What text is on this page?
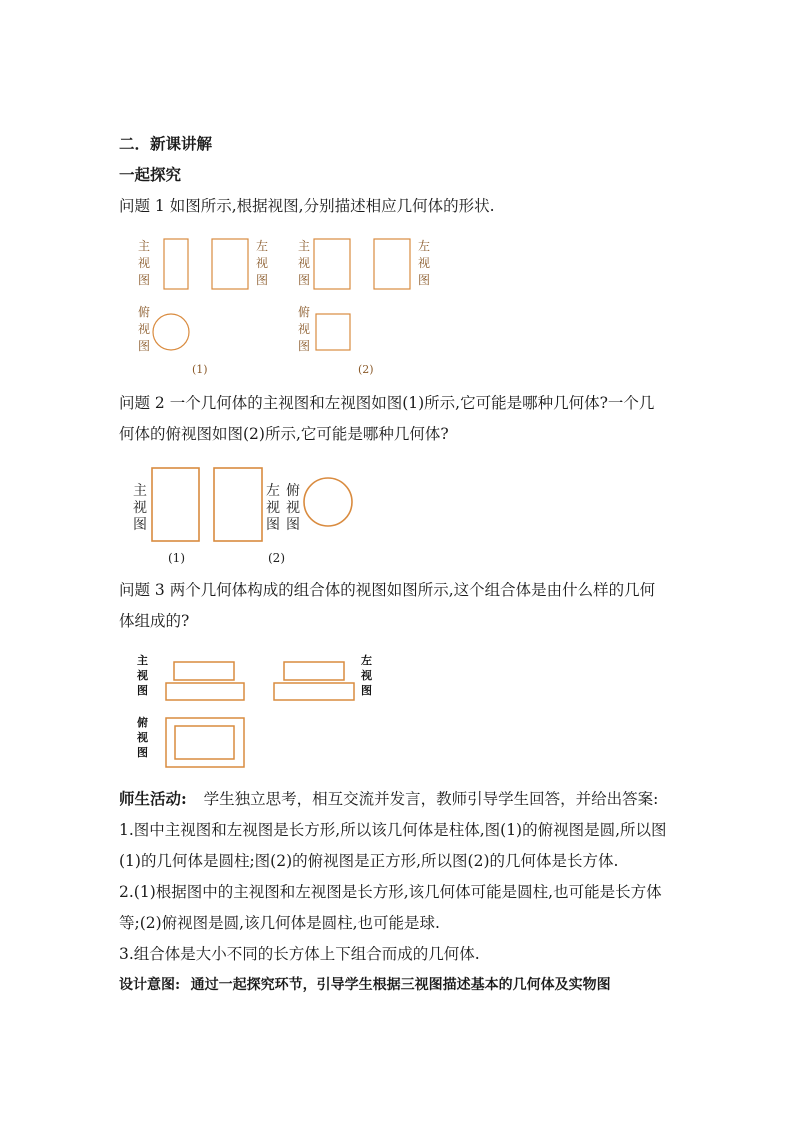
二．新课讲解
一起探究
问题 1 如图所示,根据视图,分别描述相应几何体的形状.
主
视
图
左
视
图
俯
视
图
主
视
图
左
视
图
俯
视
图
(1)	(2)
问题 2 一个几何体的主视图和左视图如图(1)所示,它可能是哪种几何体?一个几
何体的俯视图如图(2)所示,它可能是哪种几何体?
主
视
图
左
视
图
俯
视
图
(1)	(2)
问题 3 两个几何体构成的组合体的视图如图所示,这个组合体是由什么样的几何
体组成的?
主
视
图
左
视
图
俯
视
图
师生活动: 学生独立思考，相互交流并发言，教师引导学生回答，并给出答案:
1.图中主视图和左视图是长方形,所以该几何体是柱体,图(1)的俯视图是圆,所以图
(1)的几何体是圆柱;图(2)的俯视图是正方形,所以图(2)的几何体是长方体.
2.(1)根据图中的主视图和左视图是长方形,该几何体可能是圆柱,也可能是长方体
等;(2)俯视图是圆,该几何体是圆柱,也可能是球.
3.组合体是大小不同的长方体上下组合而成的几何体.
设计意图: 通过一起探究环节，引导学生根据三视图描述基本的几何体及实物图
